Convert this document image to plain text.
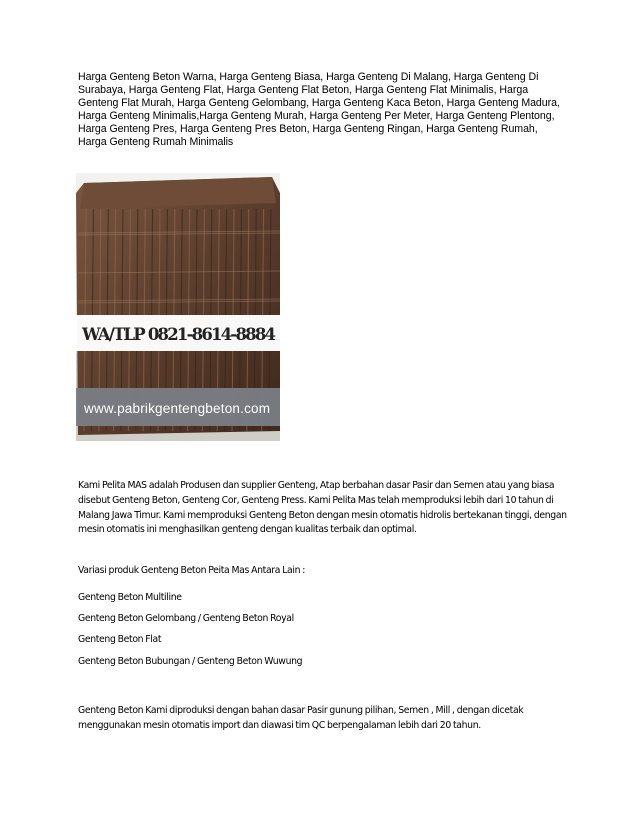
Harga Genteng Beton Warna, Harga Genteng Biasa, Harga Genteng Di Malang, Harga Genteng Di Surabaya, Harga Genteng Flat, Harga Genteng Flat Beton, Harga Genteng Flat Minimalis, Harga Genteng Flat Murah, Harga Genteng Gelombang, Harga Genteng Kaca Beton, Harga Genteng Madura, Harga Genteng Minimalis,Harga Genteng Murah, Harga Genteng Per Meter, Harga Genteng Plentong, Harga Genteng Pres, Harga Genteng Pres Beton, Harga Genteng Ringan, Harga Genteng Rumah, Harga Genteng Rumah Minimalis

WA/TLP 0821-8614-8884
www.pabrikgentengbeton.com

Kami Pelita MAS adalah Produsen dan supplier Genteng, Atap berbahan dasar Pasir dan Semen atau yang biasa disebut Genteng Beton, Genteng Cor, Genteng Press. Kami Pelita Mas telah memproduksi lebih dari 10 tahun di Malang Jawa Timur. Kami memproduksi Genteng Beton dengan mesin otomatis hidrolis bertekanan tinggi, dengan mesin otomatis ini menghasilkan genteng dengan kualitas terbaik dan optimal.

Variasi produk Genteng Beton Peita Mas Antara Lain :

Genteng Beton Multiline

Genteng Beton Gelombang / Genteng Beton Royal

Genteng Beton Flat

Genteng Beton Bubungan / Genteng Beton Wuwung

Genteng Beton Kami diproduksi dengan bahan dasar Pasir gunung pilihan, Semen , Mill , dengan dicetak menggunakan mesin otomatis import dan diawasi tim QC berpengalaman lebih dari 20 tahun.
